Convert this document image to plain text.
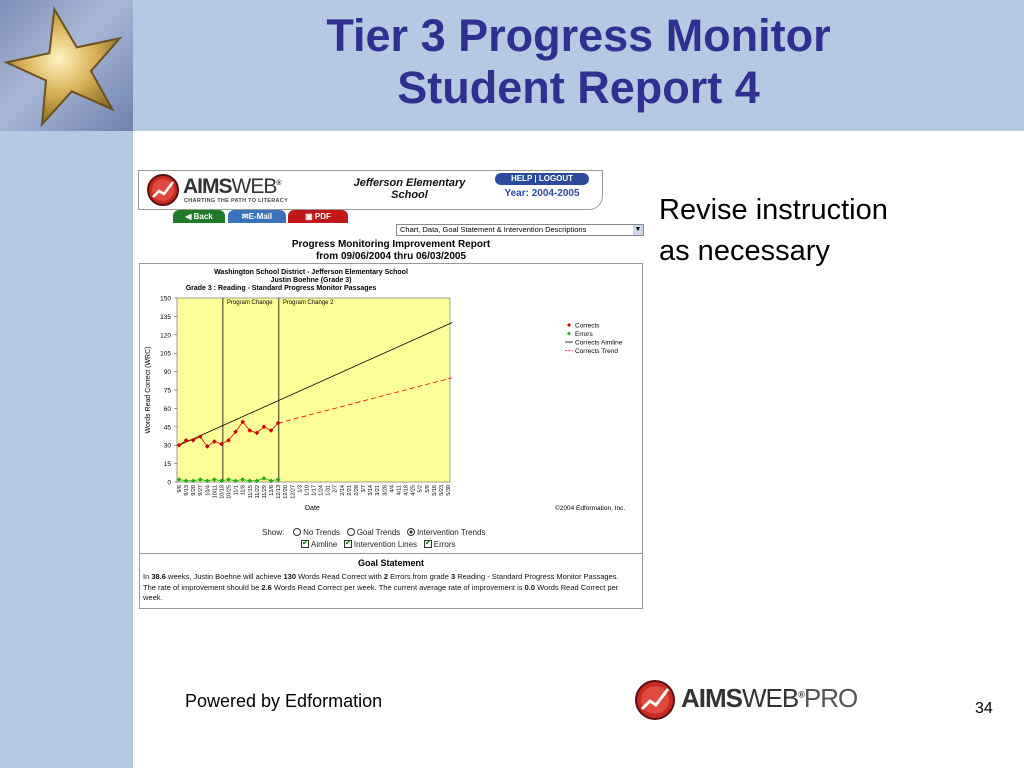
Tier 3 Progress Monitor
Student Report 4
Revise instruction as necessary
AIMSWEB®
CHARTING THE PATH TO LITERACY
Jefferson Elementary School
HELP | LOGOUT
Year: 2004-2005
◀ Back	✉E-Mail	▣ PDF
Chart, Data, Goal Statement & Intervention Descriptions	▼
Progress Monitoring Improvement Report
from 09/06/2004 thru 06/03/2005
Washington School District - Jefferson Elementary School
Justin Boehne (Grade 3)
Grade 3 : Reading - Standard Progress Monitor Passages
0
15
30
45
60
75
90
105
120
135
150
9/6 9/13 9/20 9/27 10/4 10/11 10/18 10/25 11/1 11/8 11/15 11/22 11/29 12/6 12/13 12/20 12/27 1/3 1/10 1/17 1/24 1/31 2/7 2/14 2/21 2/28 3/7 3/14 3/21 3/28 4/4 4/11 4/18 4/25 5/2 5/9 5/16 5/23 5/30
Program Change Program Change 2
Words Read Correct (WRC)
Date	©2004 Edformation, Inc.
Corrects
Errors
Corrects Aimline
Corrects Trend
Show: No Trends Goal Trends Intervention Trends
✔ Aimline ✔ Intervention Lines ✔ Errors
Goal Statement
In 38.6 weeks, Justin Boehne will achieve 130 Words Read Correct with 2 Errors from grade 3 Reading - Standard Progress Monitor Passages. The rate of improvement should be 2.6 Words Read Correct per week. The current average rate of improvement is 0.0 Words Read Correct per week.
Powered by Edformation	AIMSWEB®PRO	34
